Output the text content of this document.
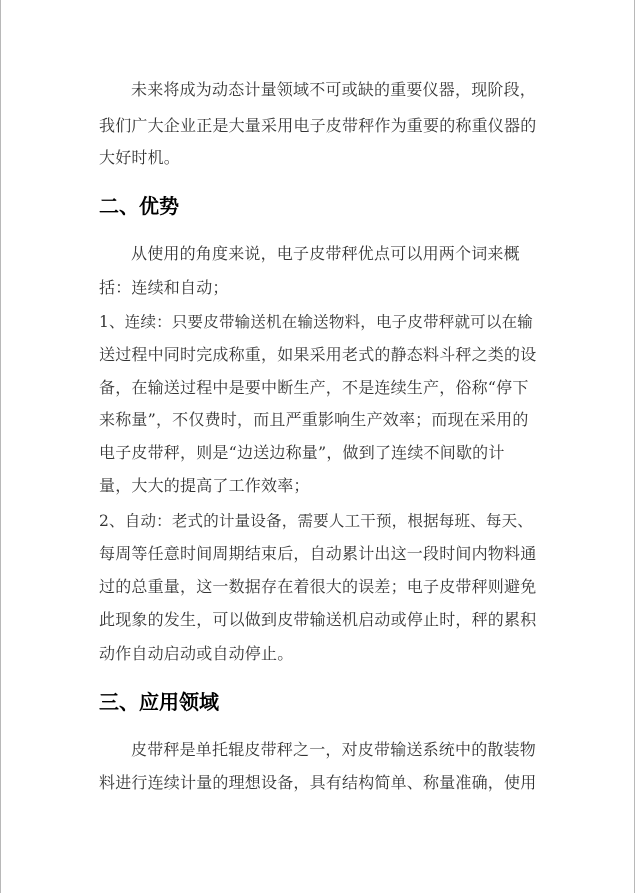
未来将成为动态计量领域不可或缺的重要仪器，现阶段，
我们广大企业正是大量采用电子皮带秤作为重要的称重仪器的
大好时机。
二、优势
从使用的角度来说，电子皮带秤优点可以用两个词来概
括：连续和自动；
1、连续：只要皮带输送机在输送物料，电子皮带秤就可以在输
送过程中同时完成称重，如果采用老式的静态料斗秤之类的设
备，在输送过程中是要中断生产，不是连续生产，俗称“停下
来称量”，不仅费时，而且严重影响生产效率；而现在采用的
电子皮带秤，则是“边送边称量”，做到了连续不间歇的计
量，大大的提高了工作效率；
2、自动：老式的计量设备，需要人工干预，根据每班、每天、
每周等任意时间周期结束后，自动累计出这一段时间内物料通
过的总重量，这一数据存在着很大的误差；电子皮带秤则避免
此现象的发生，可以做到皮带输送机启动或停止时，秤的累积
动作自动启动或自动停止。
三、应用领域
皮带秤是单托辊皮带秤之一，对皮带输送系统中的散装物
料进行连续计量的理想设备，具有结构简单、称量准确，使用
